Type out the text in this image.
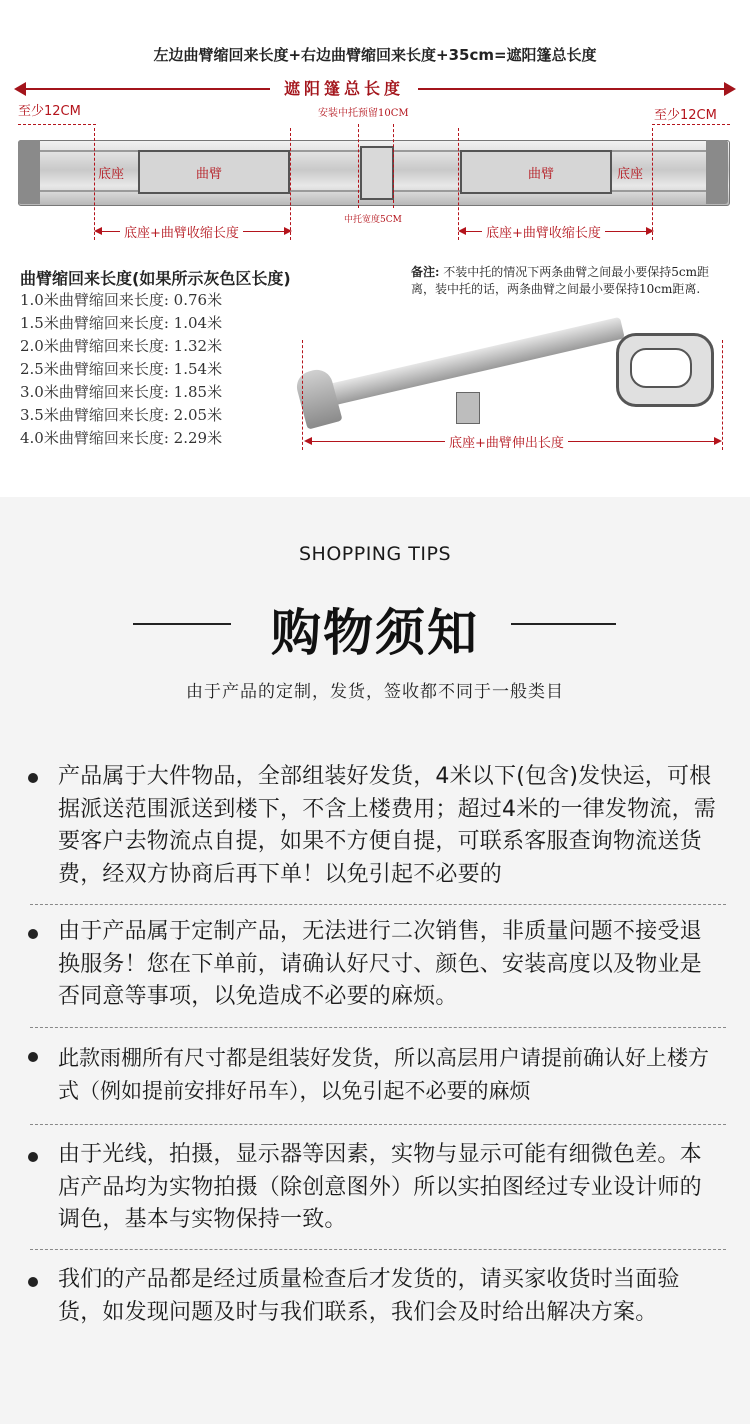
左边曲臂缩回来长度+右边曲臂缩回来长度+35cm=遮阳篷总长度
遮阳篷总长度
至少12CM	至少12CM
安装中托预留10CM
底座	曲臂	曲臂	底座
中托宽度5CM
底座+曲臂收缩长度	底座+曲臂收缩长度
曲臂缩回来长度(如果所示灰色区长度)
1.0米曲臂缩回来长度: 0.76米
1.5米曲臂缩回来长度: 1.04米
2.0米曲臂缩回来长度: 1.32米
2.5米曲臂缩回来长度: 1.54米
3.0米曲臂缩回来长度: 1.85米
3.5米曲臂缩回来长度: 2.05米
4.0米曲臂缩回来长度: 2.29米
备注: 不装中托的情况下两条曲臂之间最小要保持5cm距离，装中托的话，两条曲臂之间最小要保持10cm距离.
底座+曲臂伸出长度
SHOPPING TIPS
购物须知
由于产品的定制，发货，签收都不同于一般类目
产品属于大件物品，全部组装好发货，4米以下(包含)发快运，可根据派送范围派送到楼下，不含上楼费用；超过4米的一律发物流，需要客户去物流点自提，如果不方便自提，可联系客服查询物流送货费，经双方协商后再下单！以免引起不必要的
由于产品属于定制产品，无法进行二次销售，非质量问题不接受退换服务！您在下单前，请确认好尺寸、颜色、安装高度以及物业是否同意等事项，以免造成不必要的麻烦。
此款雨棚所有尺寸都是组装好发货，所以高层用户请提前确认好上楼方式（例如提前安排好吊车），以免引起不必要的麻烦
由于光线，拍摄，显示器等因素，实物与显示可能有细微色差。本店产品均为实物拍摄（除创意图外）所以实拍图经过专业设计师的调色，基本与实物保持一致。
我们的产品都是经过质量检查后才发货的，请买家收货时当面验货，如发现问题及时与我们联系，我们会及时给出解决方案。
